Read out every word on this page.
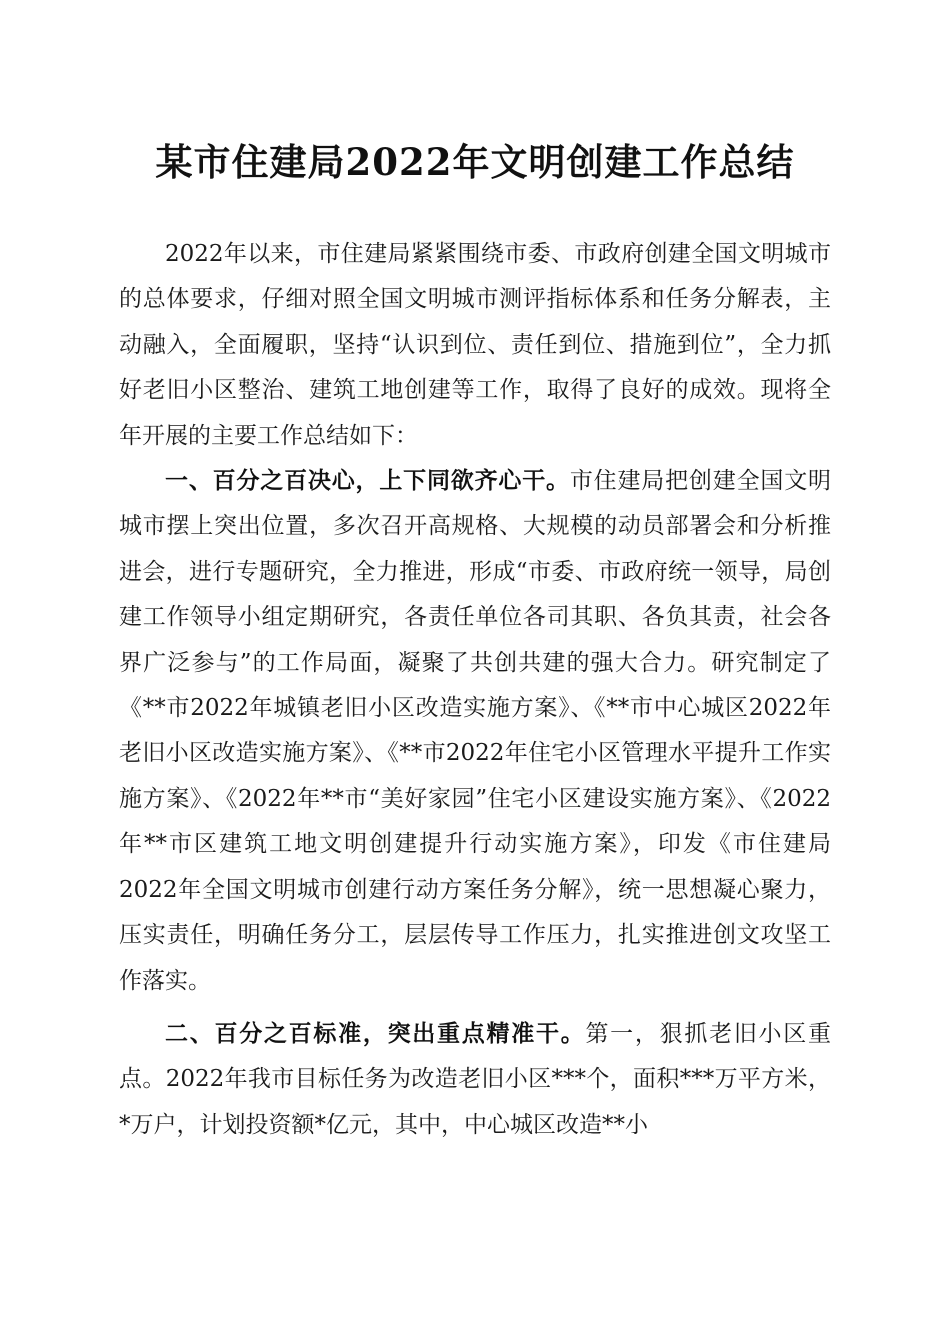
某市住建局2022年文明创建工作总结

2022年以来，市住建局紧紧围绕市委、市政府创建全国文明城市的总体要求，仔细对照全国文明城市测评指标体系和任务分解表，主动融入，全面履职，坚持“认识到位、责任到位、措施到位”，全力抓好老旧小区整治、建筑工地创建等工作，取得了良好的成效。现将全年开展的主要工作总结如下：

一、百分之百决心，上下同欲齐心干。市住建局把创建全国文明城市摆上突出位置，多次召开高规格、大规模的动员部署会和分析推进会，进行专题研究，全力推进，形成“市委、市政府统一领导，局创建工作领导小组定期研究，各责任单位各司其职、各负其责，社会各界广泛参与”的工作局面，凝聚了共创共建的强大合力。研究制定了《**市2022年城镇老旧小区改造实施方案》、《**市中心城区2022年老旧小区改造实施方案》、《**市2022年住宅小区管理水平提升工作实施方案》、《2022年**市“美好家园”住宅小区建设实施方案》、《2022年**市区建筑工地文明创建提升行动实施方案》，印发《市住建局2022年全国文明城市创建行动方案任务分解》，统一思想凝心聚力，压实责任，明确任务分工，层层传导工作压力，扎实推进创文攻坚工作落实。

二、百分之百标准，突出重点精准干。第一，狠抓老旧小区重点。2022年我市目标任务为改造老旧小区***个，面积***万平方米，*万户，计划投资额*亿元，其中，中心城区改造**小
